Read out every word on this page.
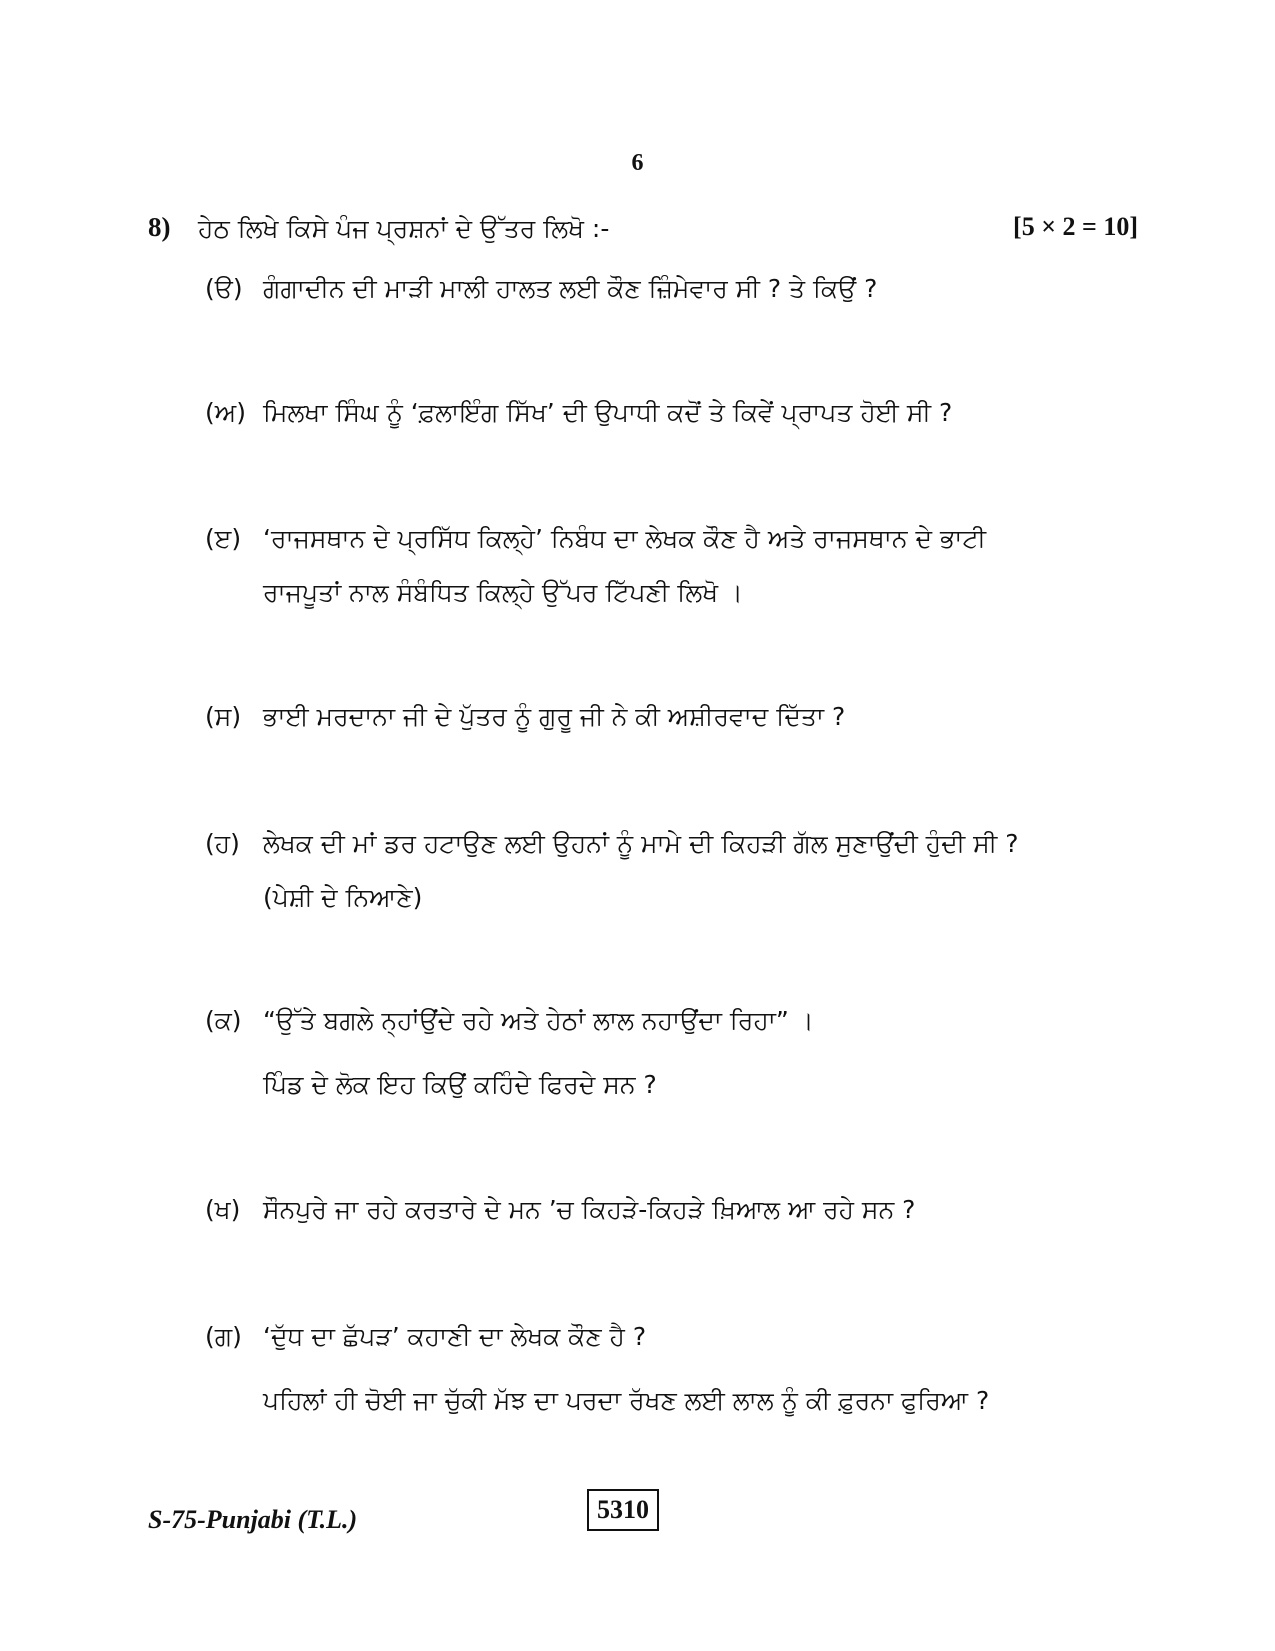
6
8) ਹੇਠ ਲਿਖੇ ਕਿਸੇ ਪੰਜ ਪ੍ਰਸ਼ਨਾਂ ਦੇ ਉੱਤਰ ਲਿਖੋ :-	[5 × 2 = 10]
(ੳ) ਗੰਗਾਦੀਨ ਦੀ ਮਾੜੀ ਮਾਲੀ ਹਾਲਤ ਲਈ ਕੌਣ ਜ਼ਿੰਮੇਵਾਰ ਸੀ ? ਤੇ ਕਿਉਂ ?
(ਅ) ਮਿਲਖਾ ਸਿੰਘ ਨੂੰ ‘ਫ਼ਲਾਇੰਗ ਸਿੱਖ’ ਦੀ ਉਪਾਧੀ ਕਦੋਂ ਤੇ ਕਿਵੇਂ ਪ੍ਰਾਪਤ ਹੋਈ ਸੀ ?
(ੲ) ‘ਰਾਜਸਥਾਨ ਦੇ ਪ੍ਰਸਿੱਧ ਕਿਲ੍ਹੇ’ ਨਿਬੰਧ ਦਾ ਲੇਖਕ ਕੌਣ ਹੈ ਅਤੇ ਰਾਜਸਥਾਨ ਦੇ ਭਾਟੀ
ਰਾਜਪੂਤਾਂ ਨਾਲ ਸੰਬੰਧਿਤ ਕਿਲ੍ਹੇ ਉੱਪਰ ਟਿੱਪਣੀ ਲਿਖੋ ।
(ਸ) ਭਾਈ ਮਰਦਾਨਾ ਜੀ ਦੇ ਪੁੱਤਰ ਨੂੰ ਗੁਰੂ ਜੀ ਨੇ ਕੀ ਅਸ਼ੀਰਵਾਦ ਦਿੱਤਾ ?
(ਹ) ਲੇਖਕ ਦੀ ਮਾਂ ਡਰ ਹਟਾਉਣ ਲਈ ਉਹਨਾਂ ਨੂੰ ਮਾਮੇ ਦੀ ਕਿਹੜੀ ਗੱਲ ਸੁਣਾਉਂਦੀ ਹੁੰਦੀ ਸੀ ?
(ਪੇਸ਼ੀ ਦੇ ਨਿਆਣੇ)
(ਕ) “ਉੱਤੇ ਬਗਲੇ ਨ੍ਹਾਂਉਂਦੇ ਰਹੇ ਅਤੇ ਹੇਠਾਂ ਲਾਲ ਨਹਾਉਂਦਾ ਰਿਹਾ” ।
ਪਿੰਡ ਦੇ ਲੋਕ ਇਹ ਕਿਉਂ ਕਹਿੰਦੇ ਫਿਰਦੇ ਸਨ ?
(ਖ) ਸੌਨਪੁਰੇ ਜਾ ਰਹੇ ਕਰਤਾਰੇ ਦੇ ਮਨ ’ਚ ਕਿਹੜੇ-ਕਿਹੜੇ ਖ਼ਿਆਲ ਆ ਰਹੇ ਸਨ ?
(ਗ) ‘ਦੁੱਧ ਦਾ ਛੱਪੜ’ ਕਹਾਣੀ ਦਾ ਲੇਖਕ ਕੌਣ ਹੈ ?
ਪਹਿਲਾਂ ਹੀ ਚੋਈ ਜਾ ਚੁੱਕੀ ਮੱਝ ਦਾ ਪਰਦਾ ਰੱਖਣ ਲਈ ਲਾਲ ਨੂੰ ਕੀ ਫ਼ੁਰਨਾ ਫੁਰਿਆ ?
S-75-Punjabi (T.L.)	5310
